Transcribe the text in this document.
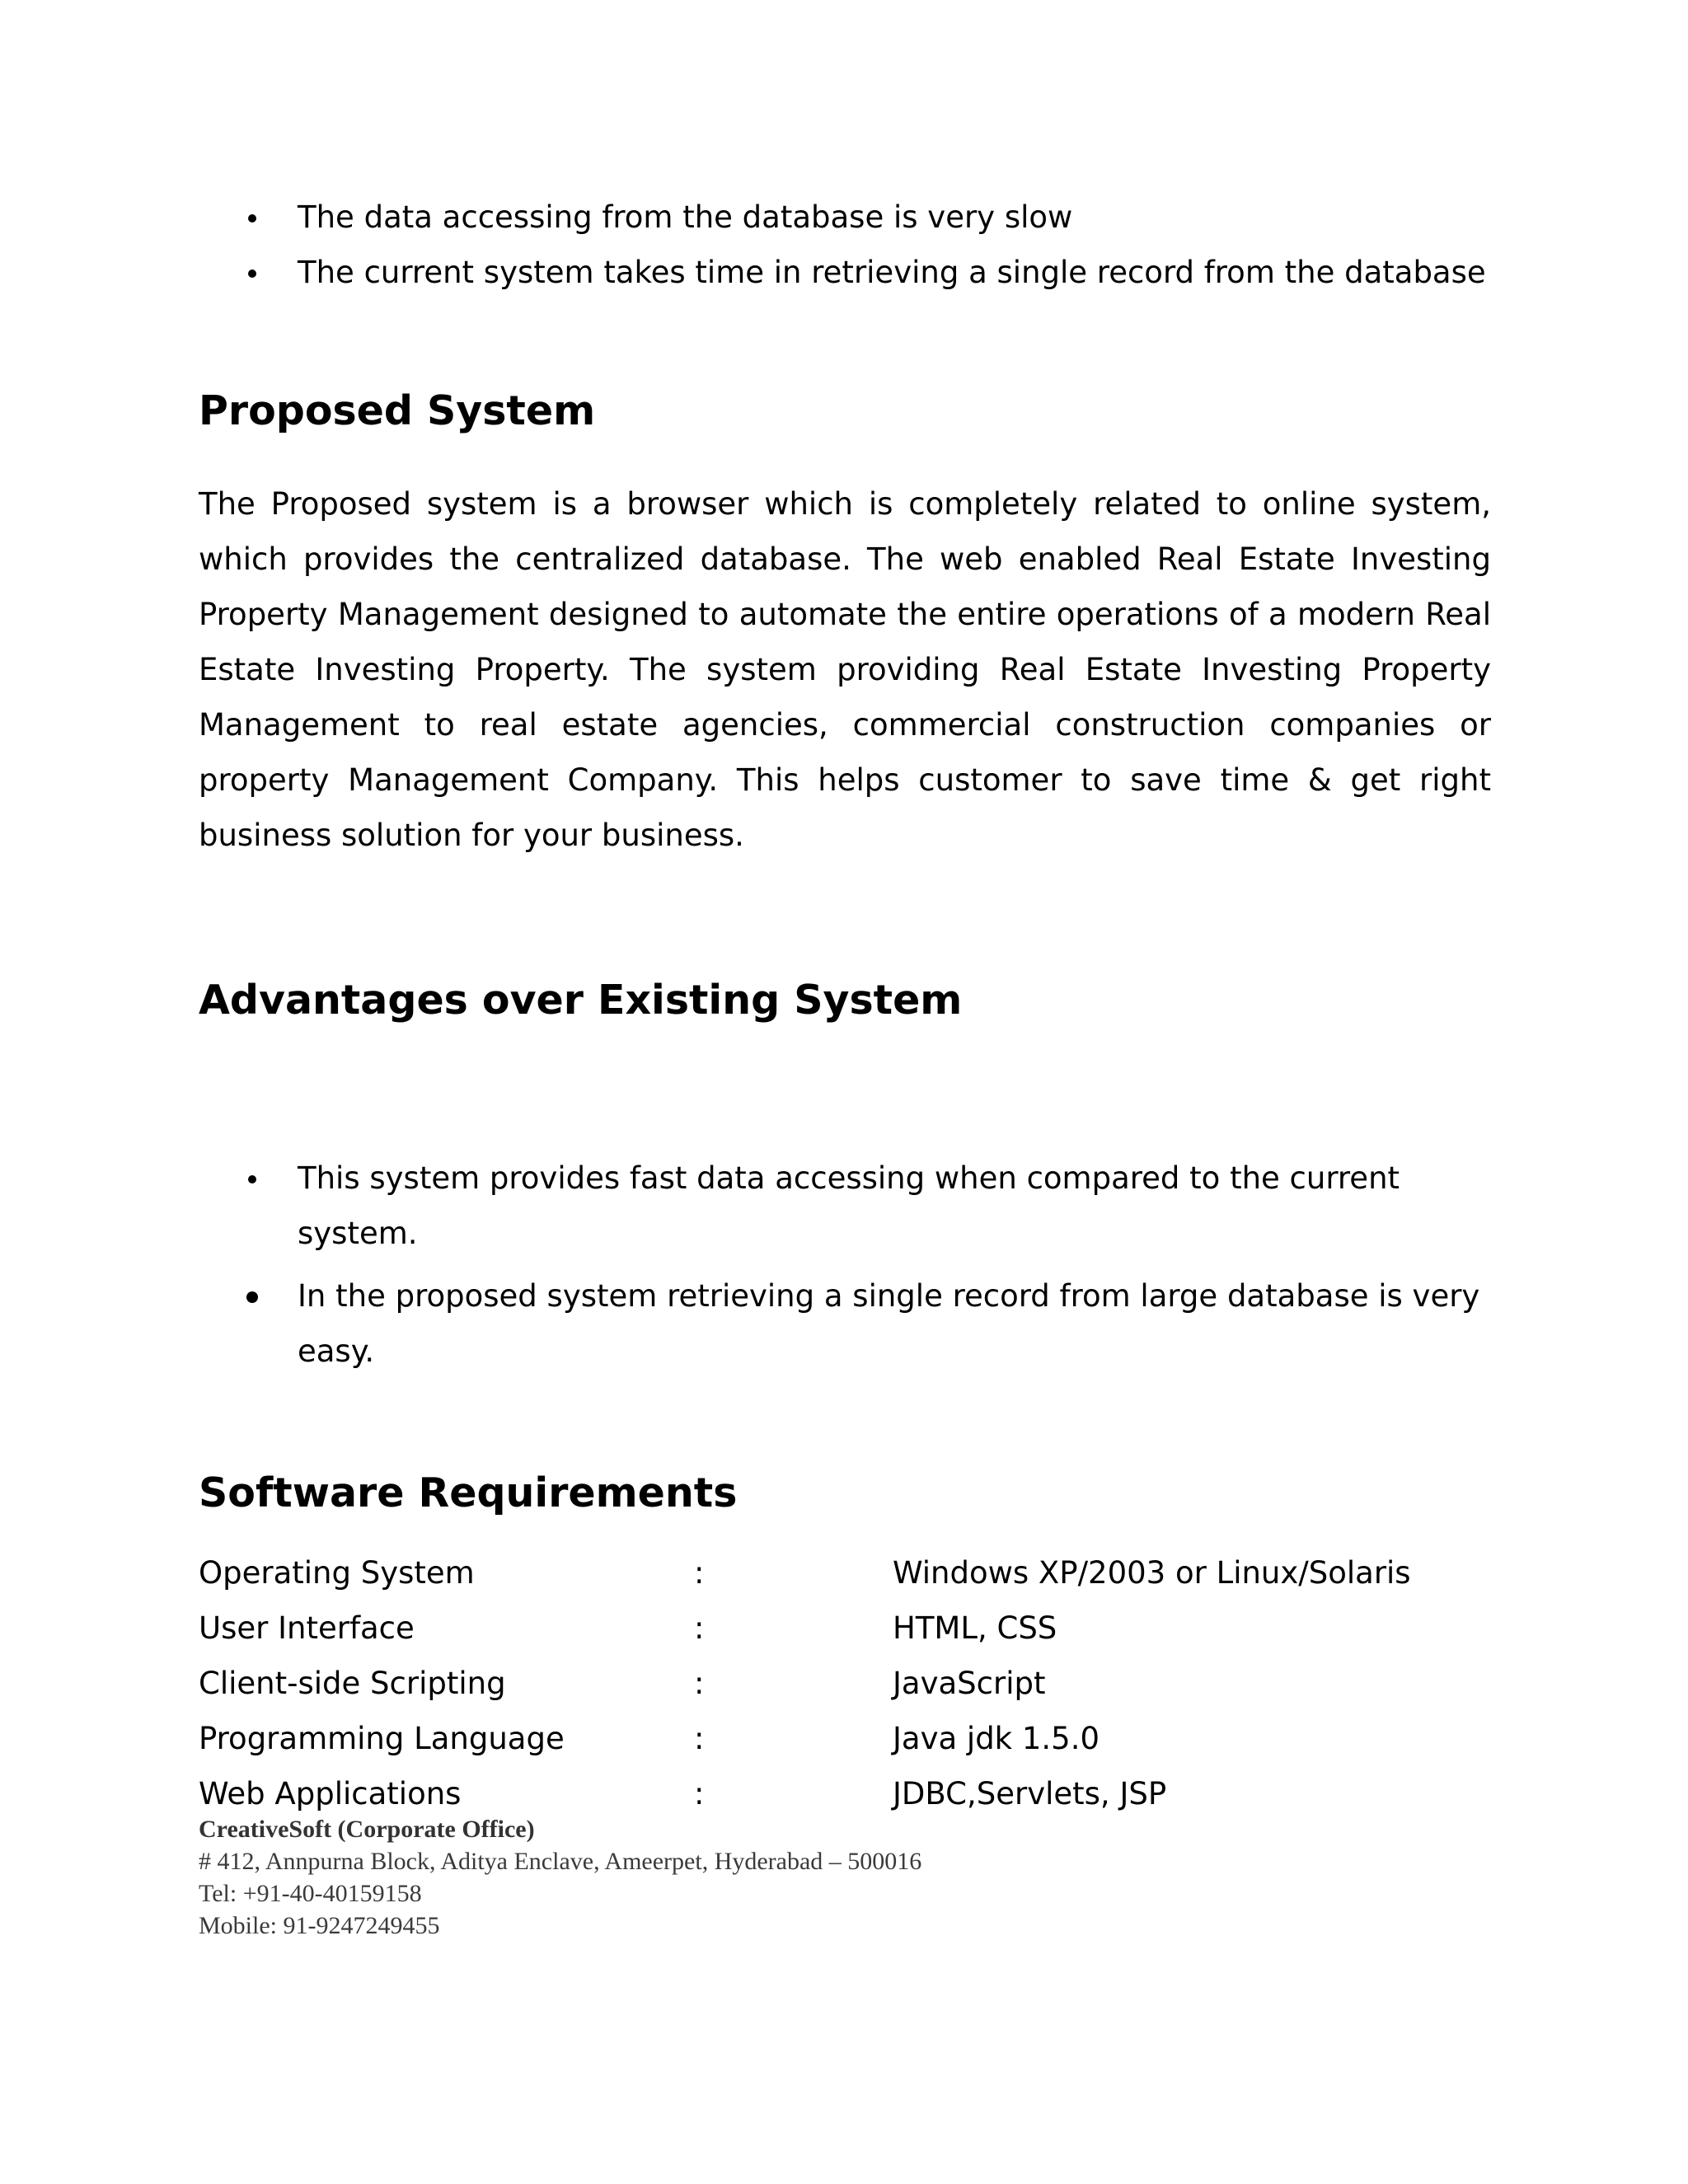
The data accessing from the database is very slow
The current system takes time in retrieving a single record from the database
Proposed System

The Proposed system is a browser which is completely related to online system, which provides the centralized database. The web enabled Real Estate Investing Property Management designed to automate the entire operations of a modern Real Estate Investing Property. The system providing Real Estate Investing Property Management to real estate agencies, commercial construction companies or property Management Company. This helps customer to save time & get right business solution for your business.

Advantages over Existing System
This system provides fast data accessing when compared to the current system.
In the proposed system retrieving a single record from large database is very easy.
Software Requirements
Operating System	:	Windows XP/2003 or Linux/Solaris
User Interface	:	HTML, CSS
Client-side Scripting	:	JavaScript
Programming Language	:	Java jdk 1.5.0
Web Applications	:	JDBC,Servlets, JSP
CreativeSoft (Corporate Office)
# 412, Annpurna Block, Aditya Enclave, Ameerpet, Hyderabad – 500016
Tel: +91-40-40159158
Mobile: 91-9247249455
